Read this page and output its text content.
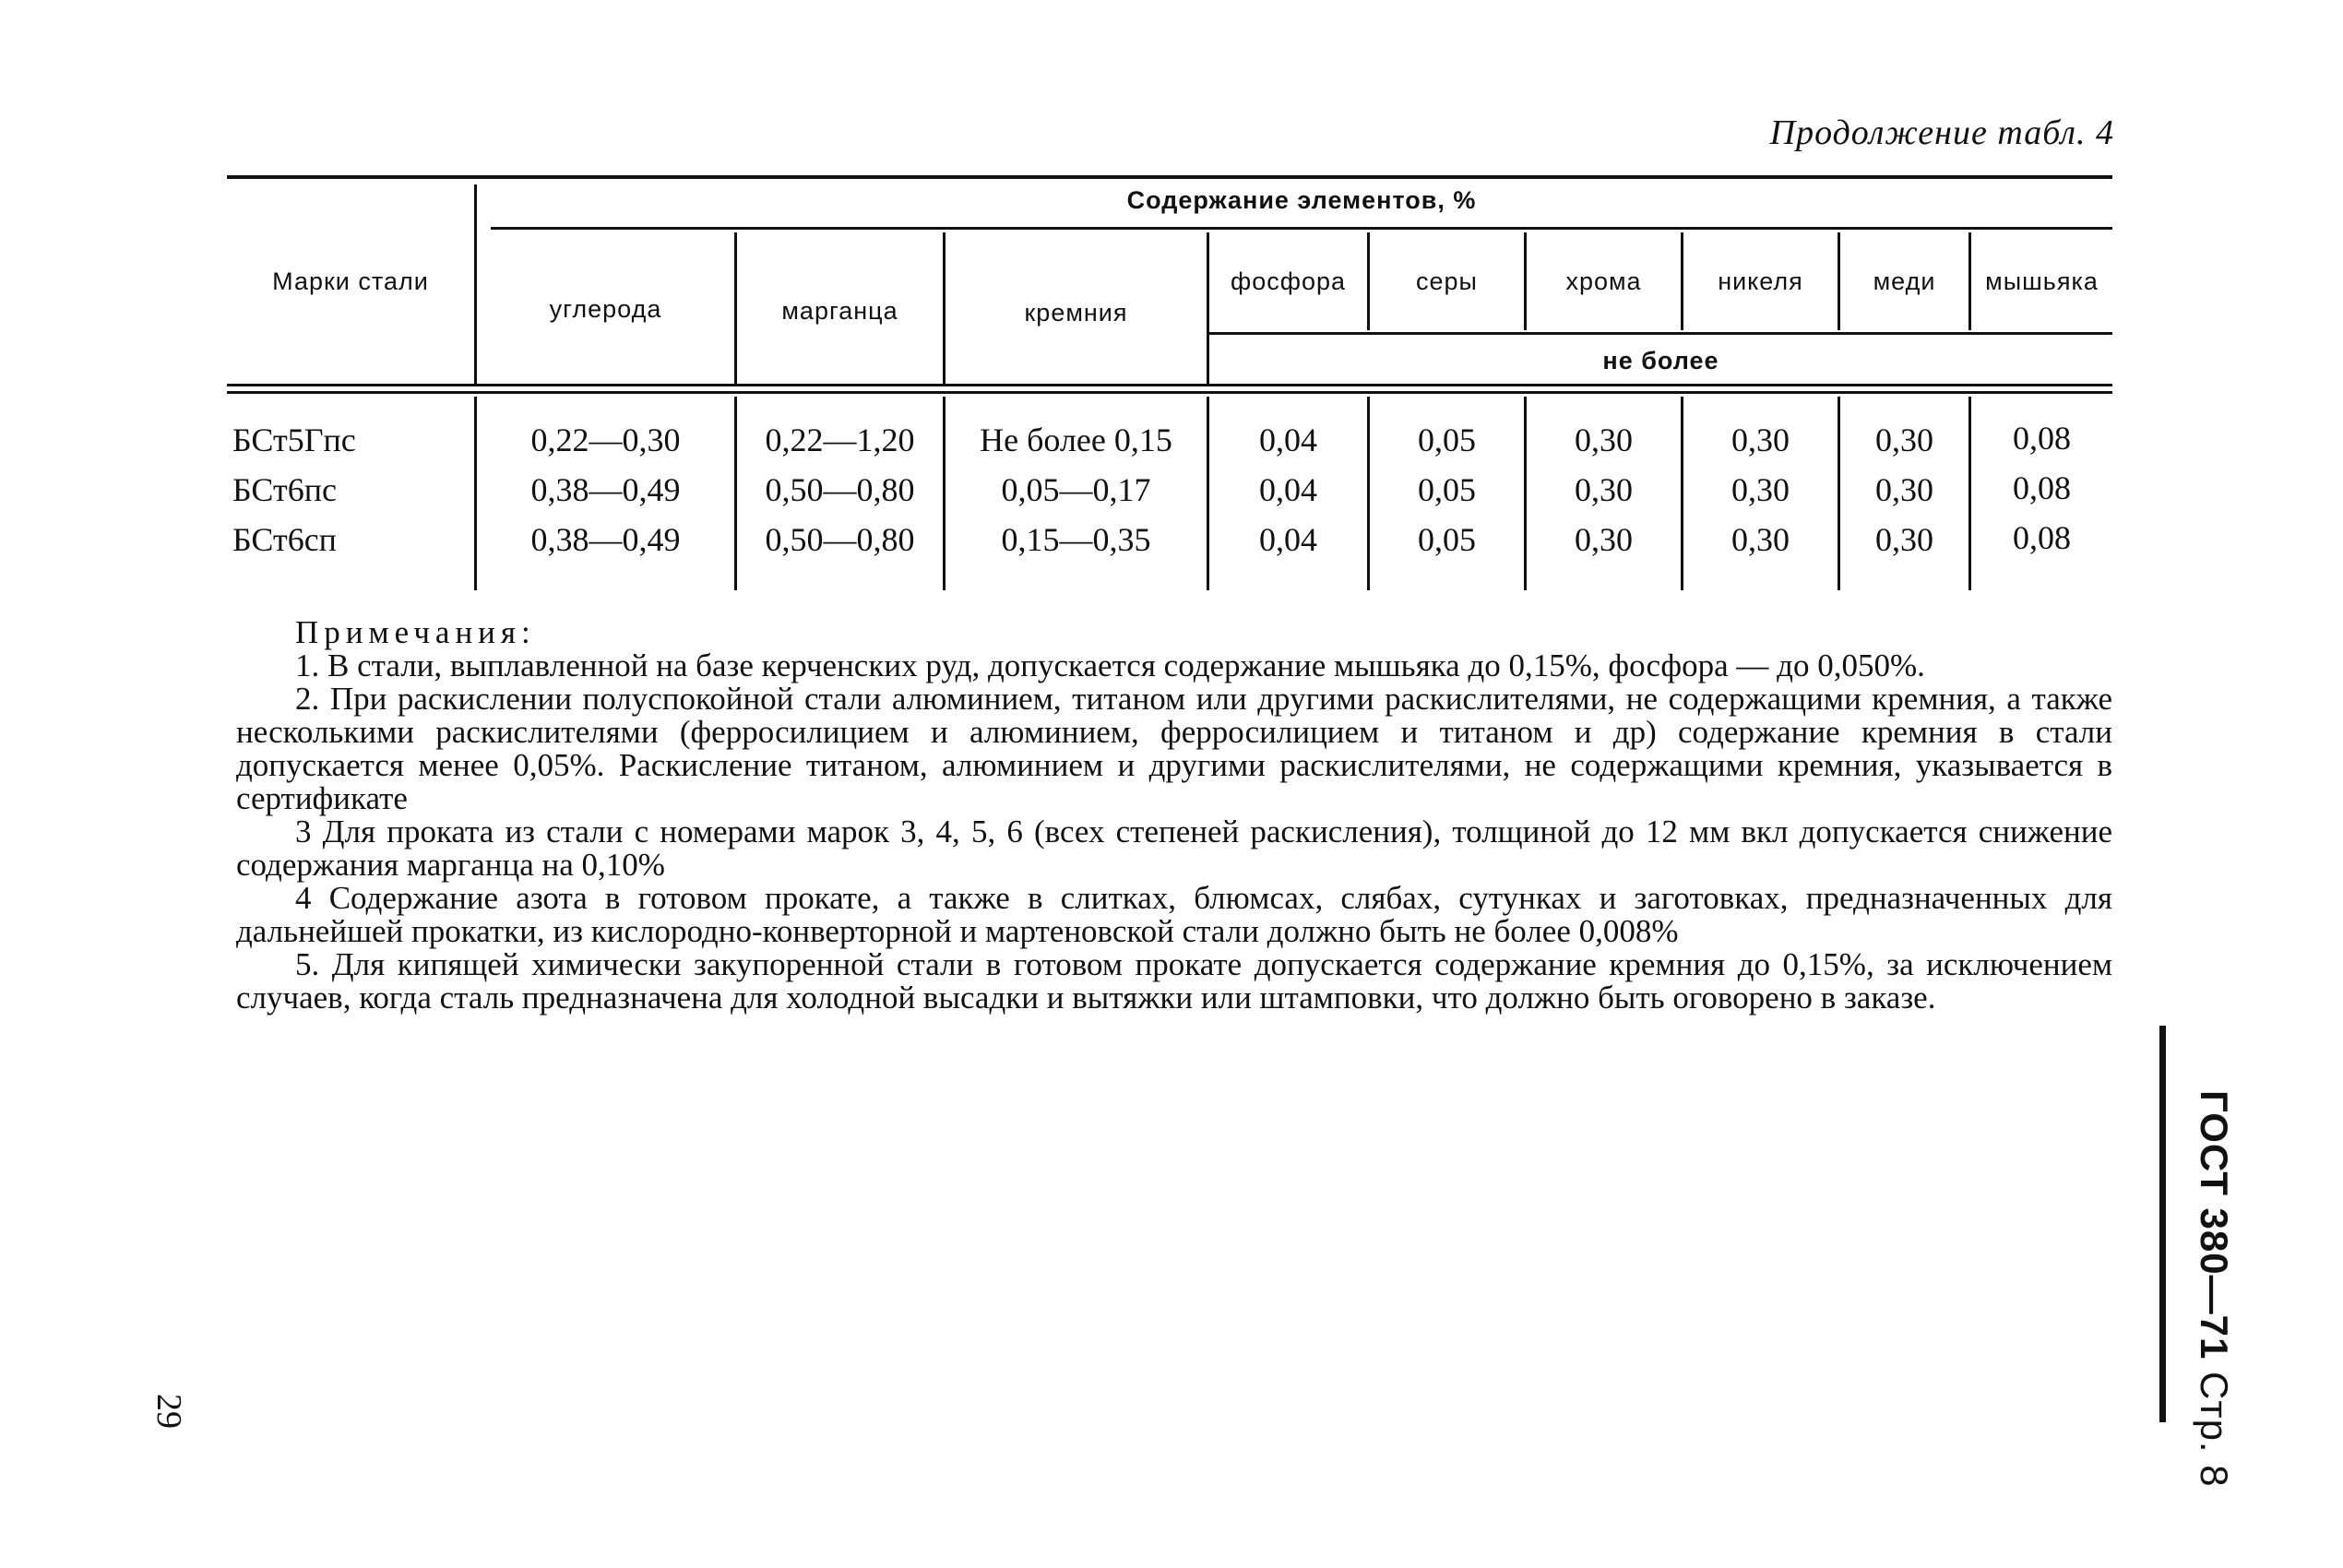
Продолжение табл. 4
Марки стали
Содержание элементов, %
углерода	марганца	кремния
фосфора	серы	хрома	никеля	меди	мышьяка
не более
БСт5Гпс	0,22—0,30	0,22—1,20	Не более 0,15	0,04	0,05	0,30	0,30	0,30	0,08
БСт6пс	0,38—0,49	0,50—0,80	0,05—0,17	0,04	0,05	0,30	0,30	0,30	0,08
БСт6сп	0,38—0,49	0,50—0,80	0,15—0,35	0,04	0,05	0,30	0,30	0,30	0,08
Примечания:

1. В стали, выплавленной на базе керченских руд, допускается содержание мышьяка до 0,15%, фосфора — до 0,050%.

2. При раскислении полуспокойной стали алюминием, титаном или другими раскислителями, не содержащими кремния, а также несколькими раскислителями (ферросилицием и алюминием, ферросилицием и титаном и др) содержание кремния в стали допускается менее 0,05%. Раскисление титаном, алюминием и другими раскислителями, не содержащими кремния, указывается в сертификате

3 Для проката из стали с номерами марок 3, 4, 5, 6 (всех степеней раскисления), толщиной до 12 мм вкл допускается снижение содержания марганца на 0,10%

4 Содержание азота в готовом прокате, а также в слитках, блюмсах, слябах, сутунках и заготовках, предназначенных для дальнейшей прокатки, из кислородно-конверторной и мартеновской стали должно быть не более 0,008%

5. Для кипящей химически закупоренной стали в готовом прокате допускается содержание кремния до 0,15%, за исключением случаев, когда сталь предназначена для холодной высадки и вытяжки или штамповки, что должно быть оговорено в заказе.

ГОСТ 380—71 Стр. 8
29
